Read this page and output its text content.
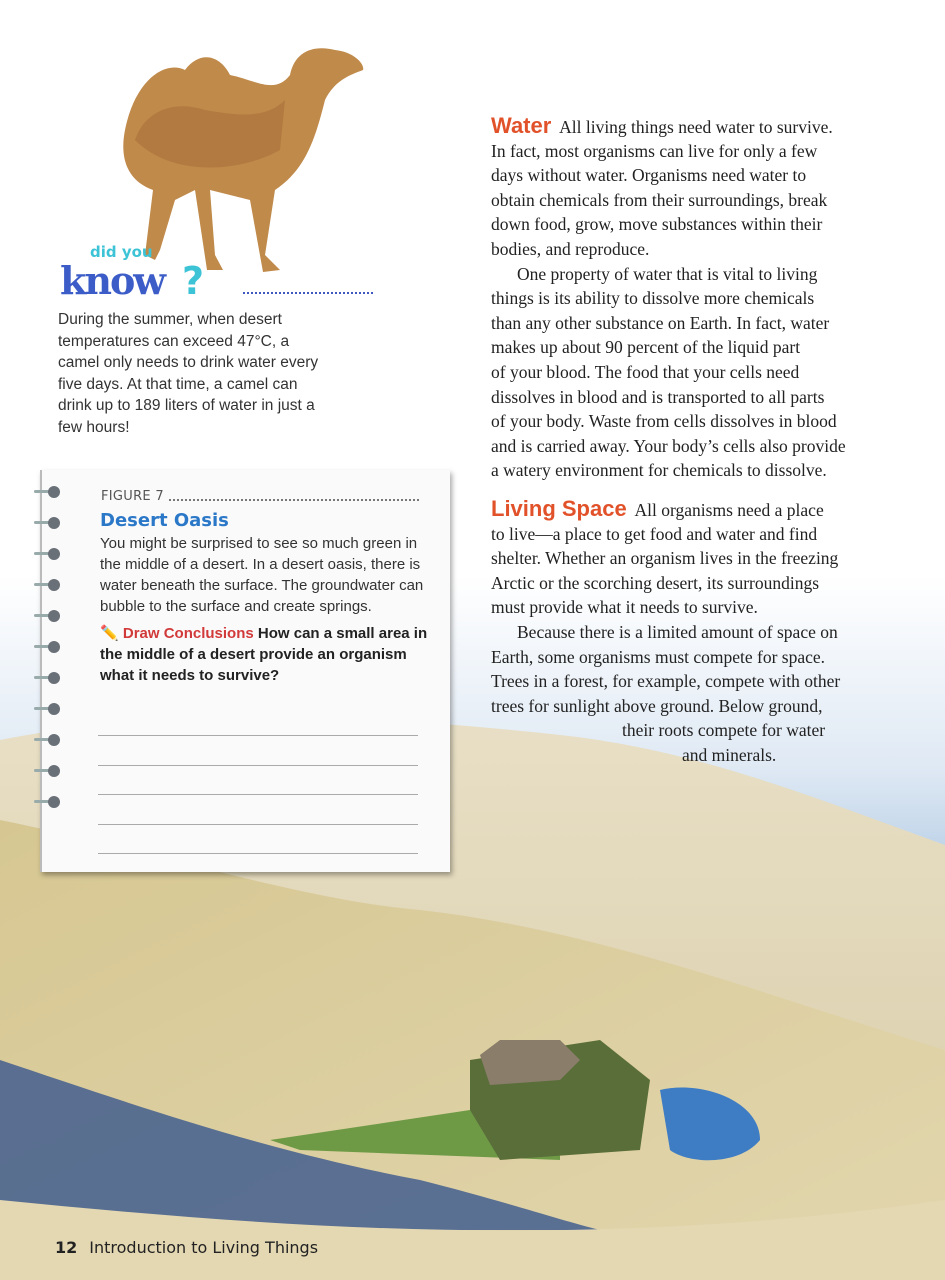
did you
know ?

During the summer, when desert temperatures can exceed 47°C, a camel only needs to drink water every five days. At that time, a camel can drink up to 189 liters of water in just a few hours!

FIGURE 7
Desert Oasis

You might be surprised to see so much green in the middle of a desert. In a desert oasis, there is water beneath the surface. The groundwater can bubble to the surface and create springs.

✏️ Draw Conclusions How can a small area in the middle of a desert provide an organism what it needs to survive?

Water All living things need water to survive.
In fact, most organisms can live for only a few
days without water. Organisms need water to
obtain chemicals from their surroundings, break
down food, grow, move substances within their
bodies, and reproduce.
One property of water that is vital to living
things is its ability to dissolve more chemicals
than any other substance on Earth. In fact, water
makes up about 90 percent of the liquid part
of your blood. The food that your cells need
dissolves in blood and is transported to all parts
of your body. Waste from cells dissolves in blood
and is carried away. Your body’s cells also provide
a watery environment for chemicals to dissolve.
Living Space All organisms need a place
to live—a place to get food and water and find
shelter. Whether an organism lives in the freezing
Arctic or the scorching desert, its surroundings
must provide what it needs to survive.
Because there is a limited amount of space on
Earth, some organisms must compete for space.
Trees in a forest, for example, compete with other
trees for sunlight above ground. Below ground,
their roots compete for water
and minerals.
12 Introduction to Living Things
